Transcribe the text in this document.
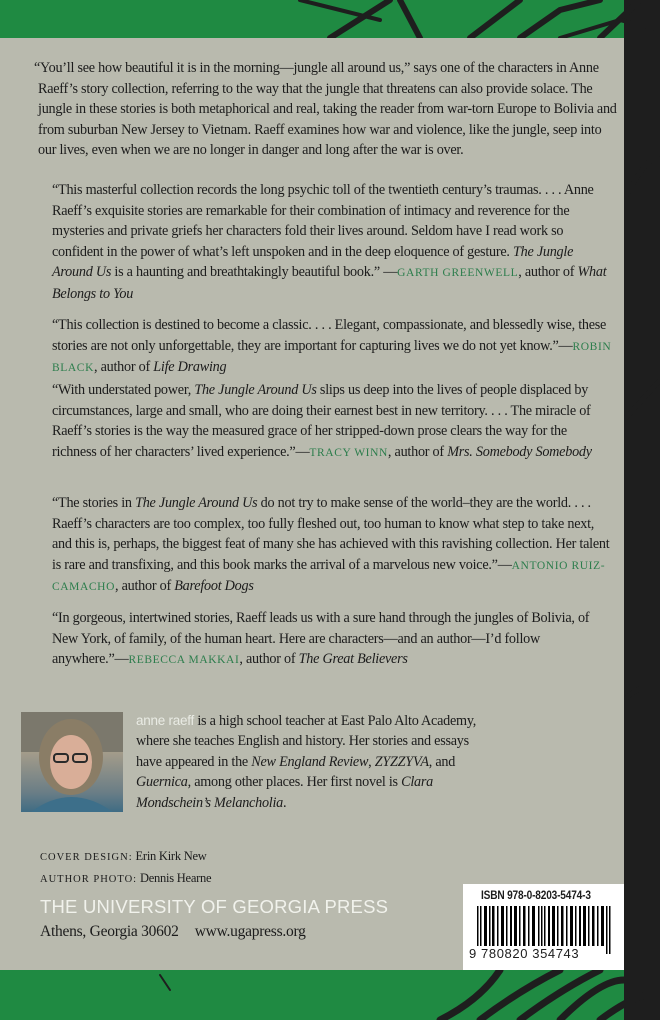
“You’ll see how beautiful it is in the morning—jungle all around us,” says one of the characters in Anne Raeff’s story collection, referring to the way that the jungle that threatens can also provide solace. The jungle in these stories is both metaphorical and real, taking the reader from war-torn Europe to Bolivia and from suburban New Jersey to Vietnam. Raeff examines how war and violence, like the jungle, seep into our lives, even when we are no longer in danger and long after the war is over.

“This masterful collection records the long psychic toll of the twentieth century’s traumas. . . . Anne Raeff’s exquisite stories are remarkable for their combination of intimacy and reverence for the mysteries and private griefs her characters fold their lives around. Seldom have I read work so confident in the power of what’s left unspoken and in the deep eloquence of gesture. The Jungle Around Us is a haunting and breathtakingly beautiful book.” —GARTH GREENWELL, author of What Belongs to You

“This collection is destined to become a classic. . . . Elegant, compassionate, and blessedly wise, these stories are not only unforgettable, they are important for capturing lives we do not yet know.”—ROBIN BLACK, author of Life Drawing

“With understated power, The Jungle Around Us slips us deep into the lives of people displaced by circumstances, large and small, who are doing their earnest best in new territory. . . . The miracle of Raeff’s stories is the way the measured grace of her stripped-down prose clears the way for the richness of her characters’ lived experience.”—TRACY WINN, author of Mrs. Somebody Somebody

“The stories in The Jungle Around Us do not try to make sense of the world–they are the world. . . . Raeff’s characters are too complex, too fully fleshed out, too human to know what step to take next, and this is, perhaps, the biggest feat of many she has achieved with this ravishing collection. Her talent is rare and transfixing, and this book marks the arrival of a marvelous new voice.”—ANTONIO RUIZ-CAMACHO, author of Barefoot Dogs

“In gorgeous, intertwined stories, Raeff leads us with a sure hand through the jungles of Bolivia, of New York, of family, of the human heart. Here are characters—and an author—I’d follow anywhere.”—REBECCA MAKKAI, author of The Great Believers

anne raeff is a high school teacher at East Palo Alto Academy, where she teaches English and history. Her stories and essays have appeared in the New England Review, ZYZZYVA, and Guernica, among other places. Her first novel is Clara Mondschein’s Melancholia.

COVER DESIGN: Erin Kirk New
AUTHOR PHOTO: Dennis Hearne
THE UNIVERSITY OF GEORGIA PRESS
Athens, Georgia 30602 www.ugapress.org
ISBN 978-0-8203-5474-3
9 780820 354743
